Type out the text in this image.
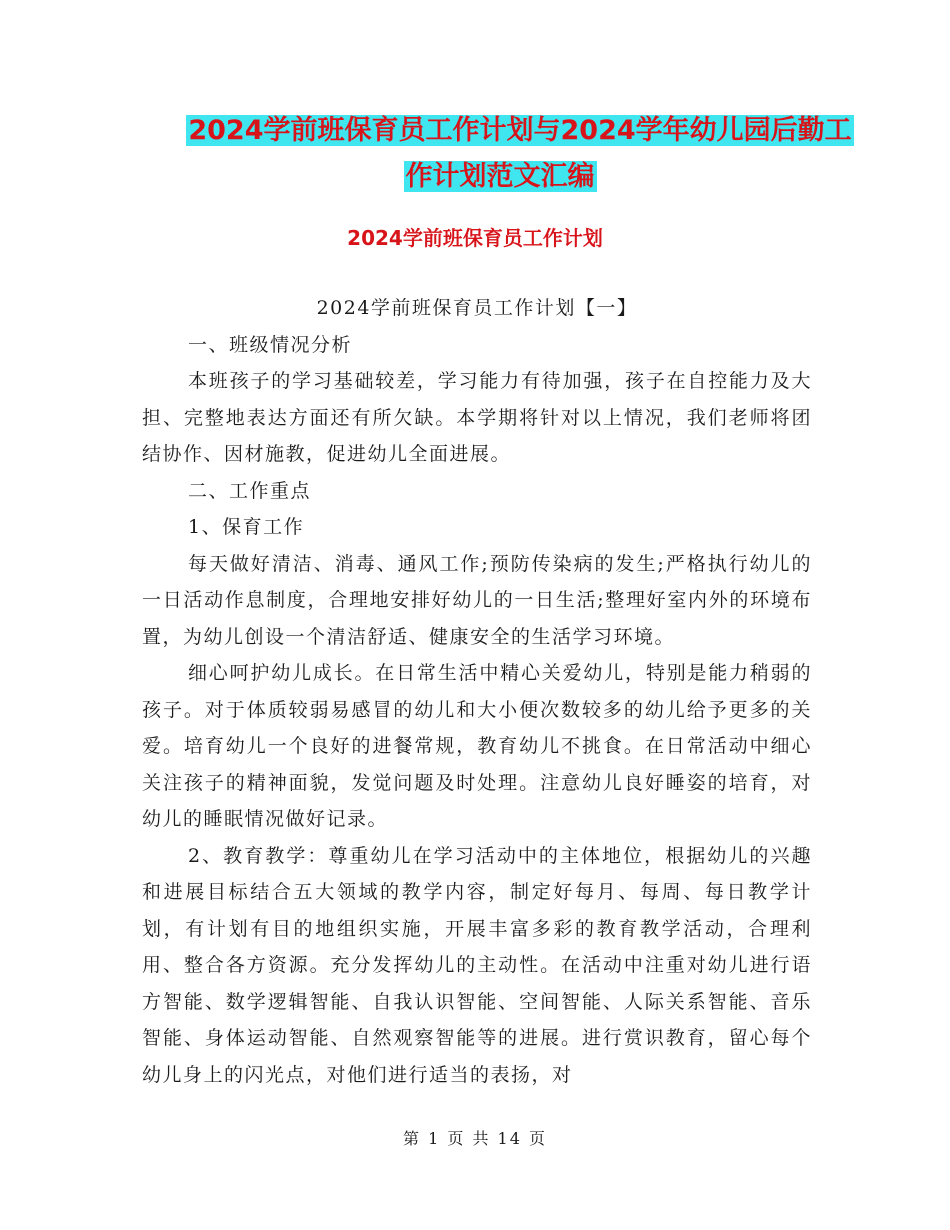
2024学前班保育员工作计划与2024学年幼儿园后勤工
作计划范文汇编
2024学前班保育员工作计划

2024学前班保育员工作计划【一】

一、班级情况分析

本班孩子的学习基础较差，学习能力有待加强，孩子在自控能力及大担、完整地表达方面还有所欠缺。本学期将针对以上情况，我们老师将团结协作、因材施教，促进幼儿全面进展。

二、工作重点

1、保育工作

每天做好清洁、消毒、通风工作;预防传染病的发生;严格执行幼儿的一日活动作息制度，合理地安排好幼儿的一日生活;整理好室内外的环境布置，为幼儿创设一个清洁舒适、健康安全的生活学习环境。

细心呵护幼儿成长。在日常生活中精心关爱幼儿，特别是能力稍弱的孩子。对于体质较弱易感冒的幼儿和大小便次数较多的幼儿给予更多的关爱。培育幼儿一个良好的进餐常规，教育幼儿不挑食。在日常活动中细心关注孩子的精神面貌，发觉问题及时处理。注意幼儿良好睡姿的培育，对幼儿的睡眠情况做好记录。

2、教育教学：尊重幼儿在学习活动中的主体地位，根据幼儿的兴趣和进展目标结合五大领域的教学内容，制定好每月、每周、每日教学计划，有计划有目的地组织实施，开展丰富多彩的教育教学活动，合理利用、整合各方资源。充分发挥幼儿的主动性。在活动中注重对幼儿进行语方智能、数学逻辑智能、自我认识智能、空间智能、人际关系智能、音乐智能、身体运动智能、自然观察智能等的进展。进行赏识教育，留心每个幼儿身上的闪光点，对他们进行适当的表扬，对

第 1 页 共 14 页
